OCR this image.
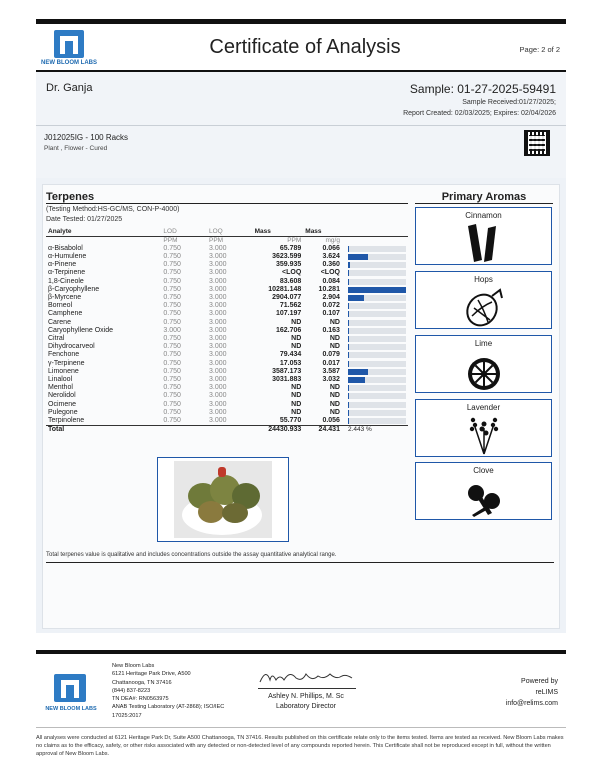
NEW BLOOM LABS
Certificate of Analysis	Page: 2 of 2
Dr. Ganja	Sample: 01-27-2025-59491
Sample Received:01/27/2025;
Report Created: 02/03/2025; Expires: 02/04/2026
J012025IG - 100 Racks
Plant , Flower - Cured
Terpenes
(Testing Method:HS-GC/MS, CON-P-4000)
Date Tested: 01/27/2025
Analyte	LOD	LOQ	Mass	Mass	
	PPM	PPM	PPM	mg/g	
α-Bisabolol	0.750	3.000	65.789	0.066	

α-Humulene	0.750	3.000	3623.599	3.624	

α-Pinene	0.750	3.000	359.935	0.360	

α-Terpinene	0.750	3.000	<LOQ	<LOQ	

1,8-Cineole	0.750	3.000	83.608	0.084	

β-Caryophyllene	0.750	3.000	10281.148	10.281	

β-Myrcene	0.750	3.000	2904.077	2.904	

Borneol	0.750	3.000	71.562	0.072	

Camphene	0.750	3.000	107.197	0.107	

Carene	0.750	3.000	ND	ND	

Caryophyllene Oxide	3.000	3.000	162.706	0.163	

Citral	0.750	3.000	ND	ND	

Dihydrocarveol	0.750	3.000	ND	ND	

Fenchone	0.750	3.000	79.434	0.079	

γ-Terpinene	0.750	3.000	17.053	0.017	

Limonene	0.750	3.000	3587.173	3.587	

Linalool	0.750	3.000	3031.883	3.032	

Menthol	0.750	3.000	ND	ND	

Nerolidol	0.750	3.000	ND	ND	

Ocimene	0.750	3.000	ND	ND	

Pulegone	0.750	3.000	ND	ND	

Terpinolene	0.750	3.000	55.770	0.056	

Total			24430.933	24.431	2.443 %
Primary Aromas
Cinnamon
Hops
Lime
Lavender
Clove
Total terpenes value is qualitative and includes concentrations outside the assay quantitative analytical range.
NEW BLOOM LABS
New Bloom Labs
6121 Heritage Park Drive, A500
Chattanooga, TN 37416
(844) 837-8223
TN DEA#: RN0563975
ANAB Testing Laboratory (AT-2868); ISO/IEC
17025:2017
Ashley N. Phillips, M. Sc
Laboratory Director
Powered by
reLIMS
info@relims.com
All analyses were conducted at 6121 Heritage Park Dr, Suite A500 Chattanooga, TN 37416. Results published on this certificate relate only to the items tested. Items are tested as received. New Bloom Labs makes no claims as to the efficacy, safety, or other risks associated with any detected or non-detected level of any compounds reported herein. This Certificate shall not be reproduced except in full, without the written approval of New Bloom Labs.
